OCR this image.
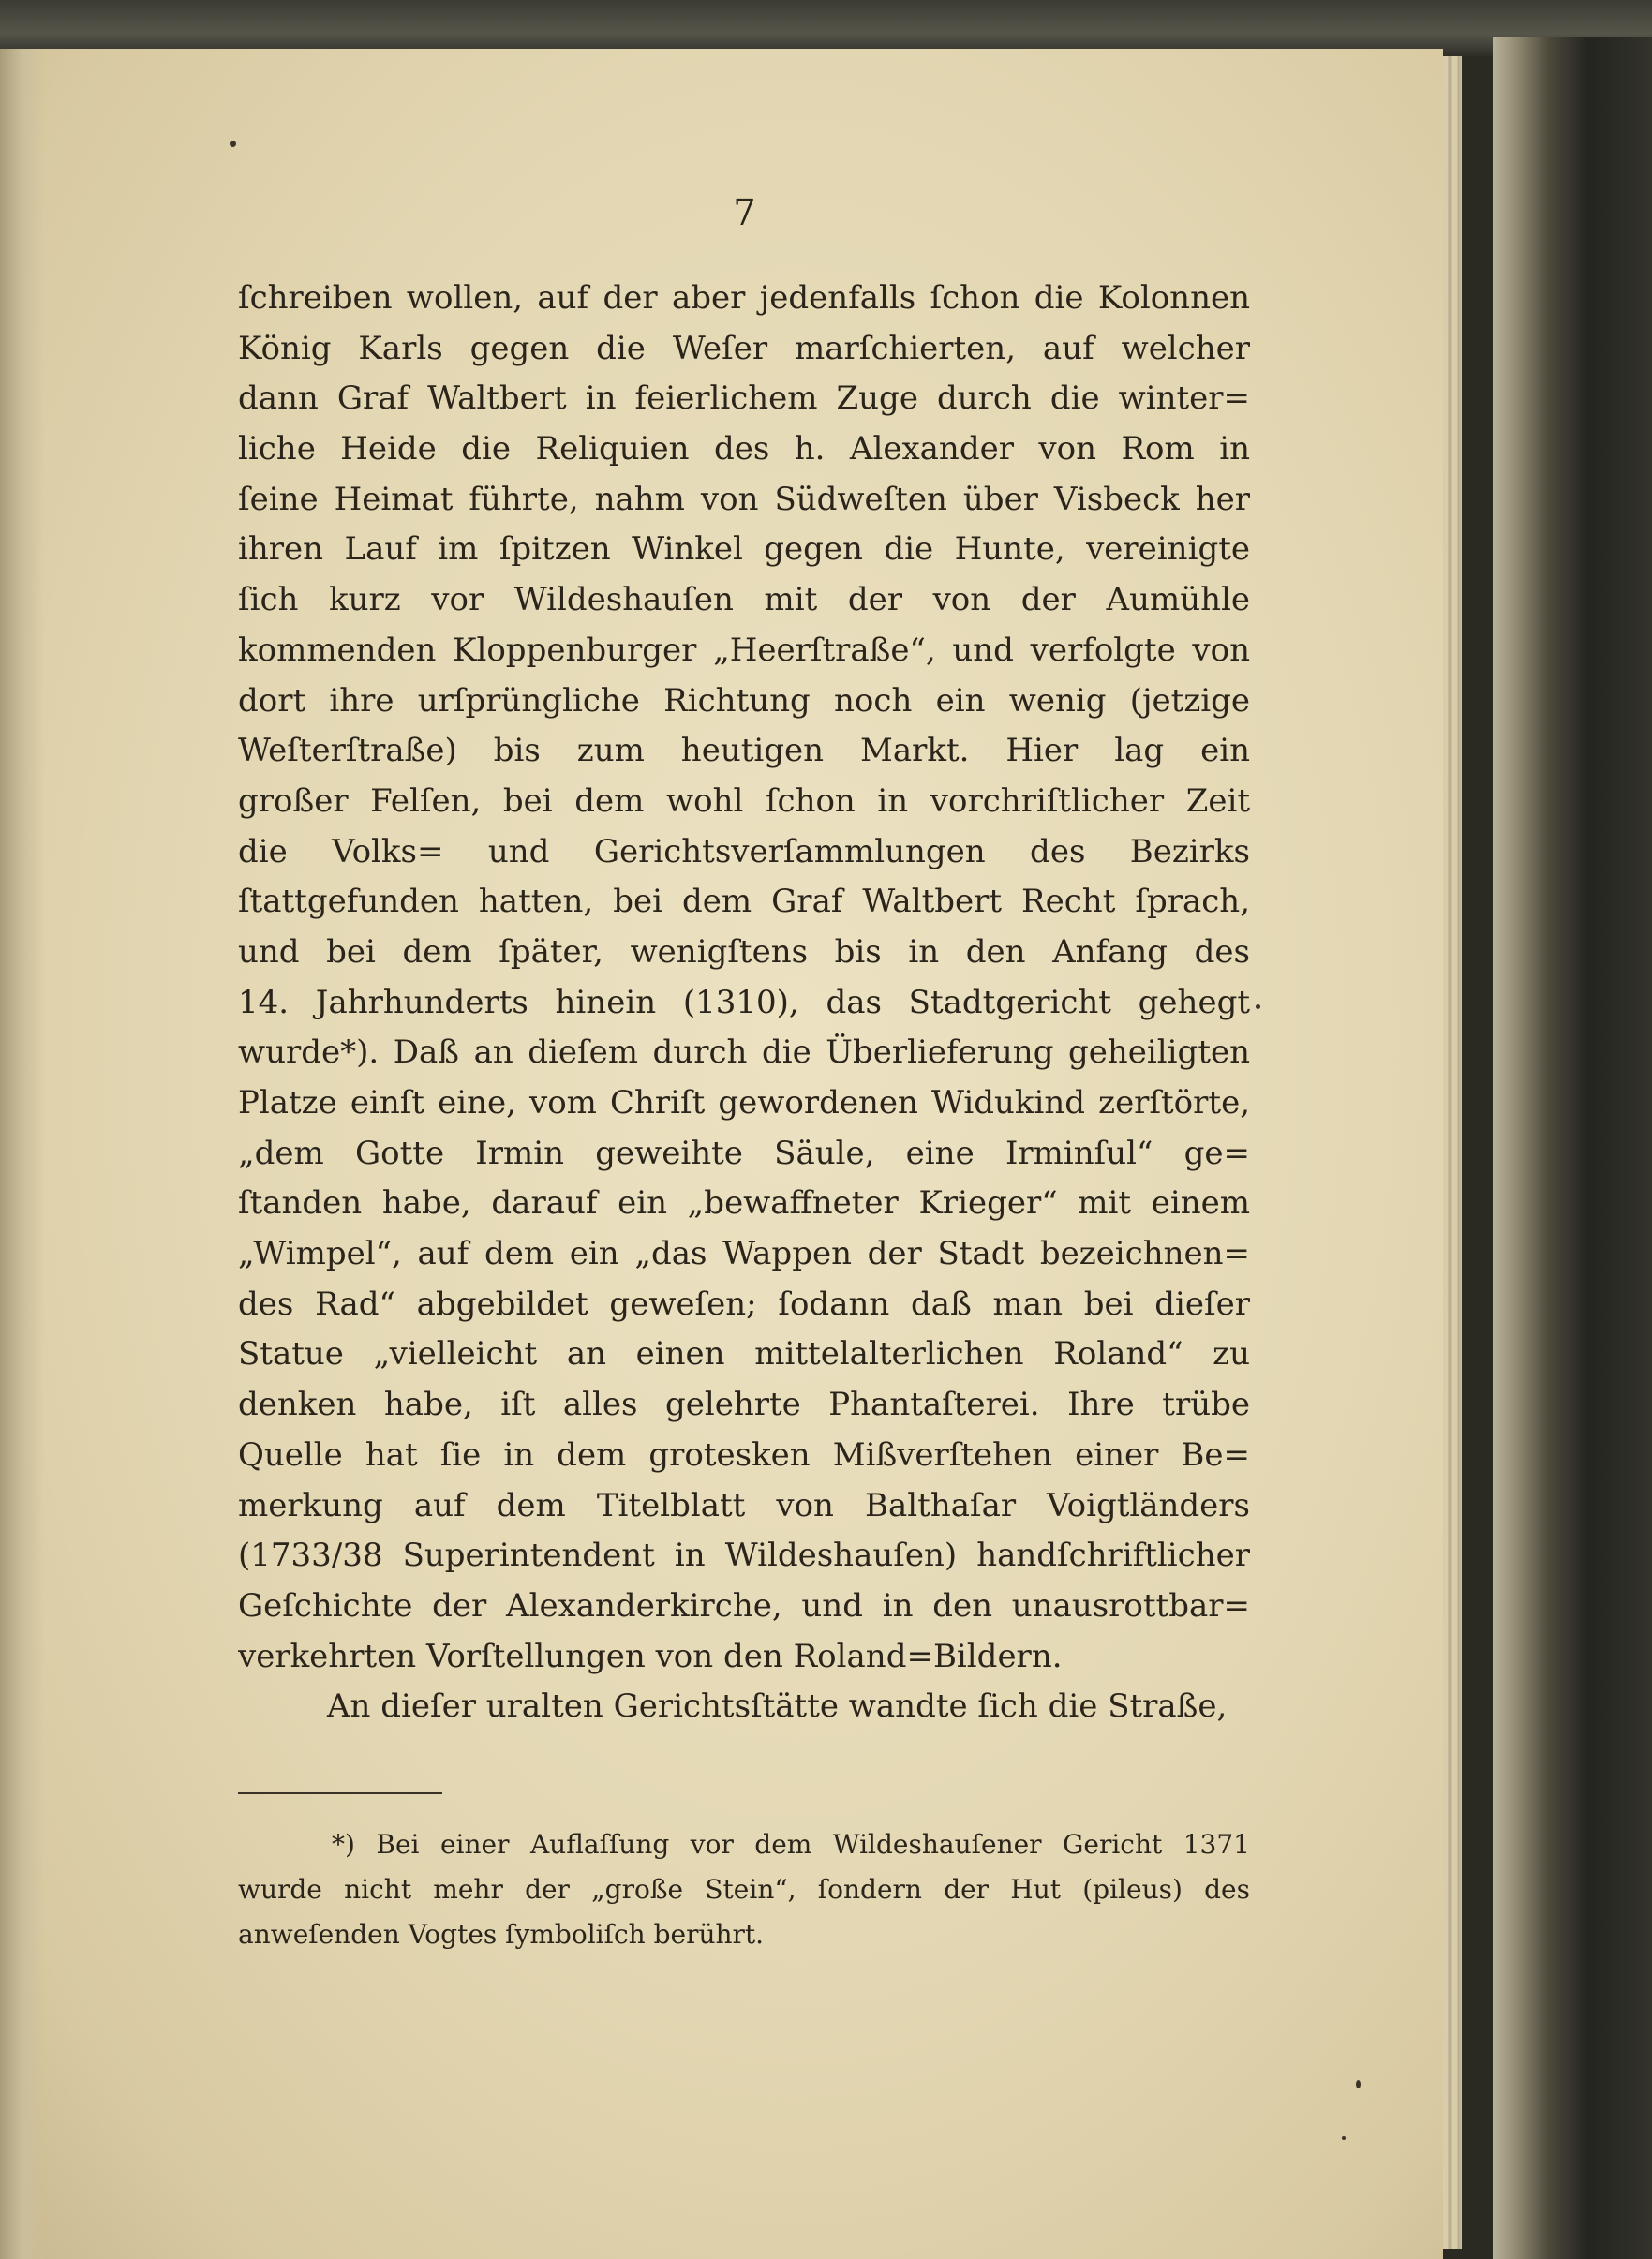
7
ſchreiben wollen, auf der aber jedenfalls ſchon die Kolonnen
König Karls gegen die Weſer marſchierten, auf welcher
dann Graf Waltbert in feierlichem Zuge durch die winter=
liche Heide die Reliquien des h. Alexander von Rom in
ſeine Heimat führte, nahm von Südweſten über Visbeck her
ihren Lauf im ſpitzen Winkel gegen die Hunte, vereinigte
ſich kurz vor Wildeshauſen mit der von der Aumühle
kommenden Kloppenburger „Heerſtraße“, und verfolgte von
dort ihre urſprüngliche Richtung noch ein wenig (jetzige
Weſterſtraße) bis zum heutigen Markt. Hier lag ein
großer Felſen, bei dem wohl ſchon in vorchriſtlicher Zeit
die Volks= und Gerichtsverſammlungen des Bezirks
ſtattgefunden hatten, bei dem Graf Waltbert Recht ſprach,
und bei dem ſpäter, wenigſtens bis in den Anfang des
14. Jahrhunderts hinein (1310), das Stadtgericht gehegt
wurde*). Daß an dieſem durch die Überlieferung geheiligten
Platze einſt eine, vom Chriſt gewordenen Widukind zerſtörte,
„dem Gotte Irmin geweihte Säule, eine Irminſul“ ge=
ſtanden habe, darauf ein „bewaffneter Krieger“ mit einem
„Wimpel“, auf dem ein „das Wappen der Stadt bezeichnen=
des Rad“ abgebildet geweſen; ſodann daß man bei dieſer
Statue „vielleicht an einen mittelalterlichen Roland“ zu
denken habe, iſt alles gelehrte Phantaſterei. Ihre trübe
Quelle hat ſie in dem grotesken Mißverſtehen einer Be=
merkung auf dem Titelblatt von Balthaſar Voigtländers
(1733/38 Superintendent in Wildeshauſen) handſchriftlicher
Geſchichte der Alexanderkirche, und in den unausrottbar=
verkehrten Vorſtellungen von den Roland=Bildern.
An dieſer uralten Gerichtsſtätte wandte ſich die Straße,
*) Bei einer Auflaſſung vor dem Wildeshauſener Gericht 1371
wurde nicht mehr der „große Stein“, ſondern der Hut (pileus) des
anweſenden Vogtes ſymboliſch berührt.
